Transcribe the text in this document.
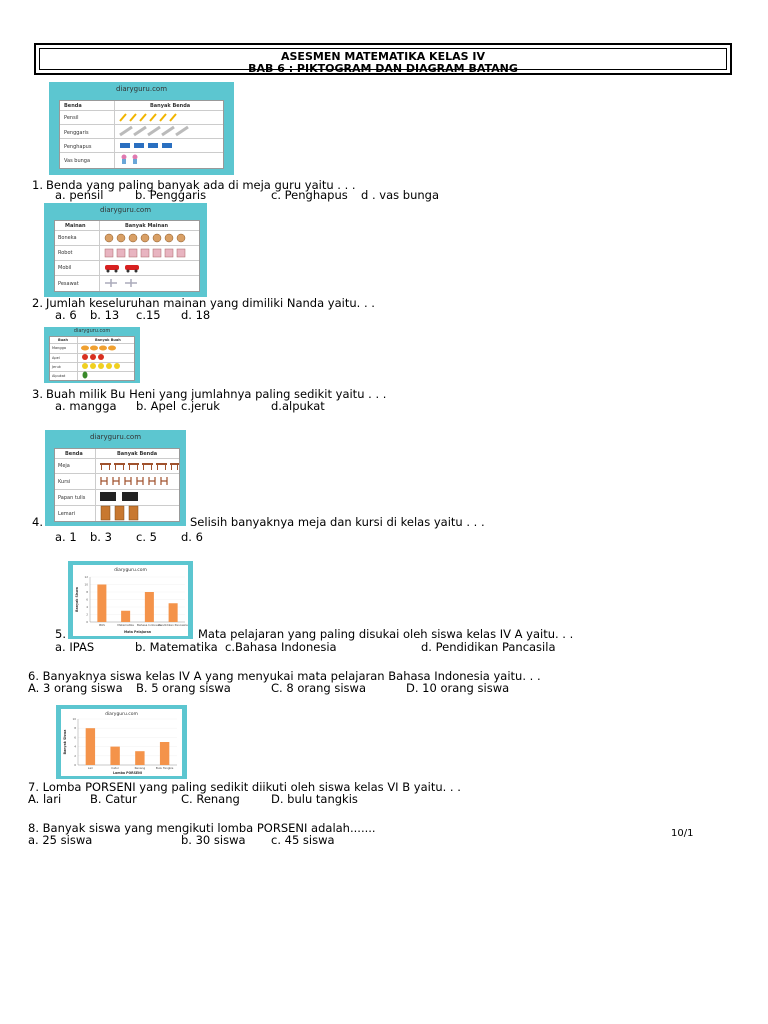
ASESMEN MATEMATIKA KELAS IV
BAB 6 : PIKTOGRAM DAN DIAGRAM BATANG
diaryguru.com
Benda	Banyak Benda
Pensil
Penggaris
Penghapus
Vas bunga
1. Benda yang paling banyak ada di meja guru yaitu . . .
a. pensil	b. Penggaris	c. Penghapus d . vas bunga
diaryguru.com
Mainan	Banyak Mainan
Boneka
Robot
Mobil
Pesawat
2. Jumlah keseluruhan mainan yang dimiliki Nanda yaitu. . .
a. 6 b. 13 c.15 d. 18
diaryguru.com
Buah	Banyak Buah
Mangga
Apel
Jeruk
Alpukat
3. Buah milik Bu Heni yang jumlahnya paling sedikit yaitu . . .
a. mangga b. Apel c.jeruk	d.alpukat
diaryguru.com
Benda	Banyak Benda
Meja
Kursi
Papan tulis
Lemari
4.	Selisih banyaknya meja dan kursi di kelas yaitu . . .
a. 1 b. 3 c. 5 d. 6
diaryguru.com
0
2
4
6
8
10
12
IPAS	Matematika Bahasa Indonesia
Pendidikan Pancasila
Mata Pelajaran
Banyak Siswa
5.	Mata pelajaran yang paling disukai oleh siswa kelas IV A yaitu. . .
a. IPAS	b. Matematika c.Bahasa Indonesia	d. Pendidikan Pancasila
6. Banyaknya siswa kelas IV A yang menyukai mata pelajaran Bahasa Indonesia yaitu. . .
A. 3 orang siswa B. 5 orang siswa	C. 8 orang siswa	D. 10 orang siswa
diaryguru.com
0
2
4
6
8
10
Lari	Catur	Renang	Bulu Tangkis
Lomba PORSENI
Banyak Siswa
7. Lomba PORSENI yang paling sedikit diikuti oleh siswa kelas VI B yaitu. . .
A. lari	B. Catur	C. Renang	D. bulu tangkis
8. Banyak siswa yang mengikuti lomba PORSENI adalah.......
a. 25 siswa	b. 30 siswa c. 45 siswa	10/1
